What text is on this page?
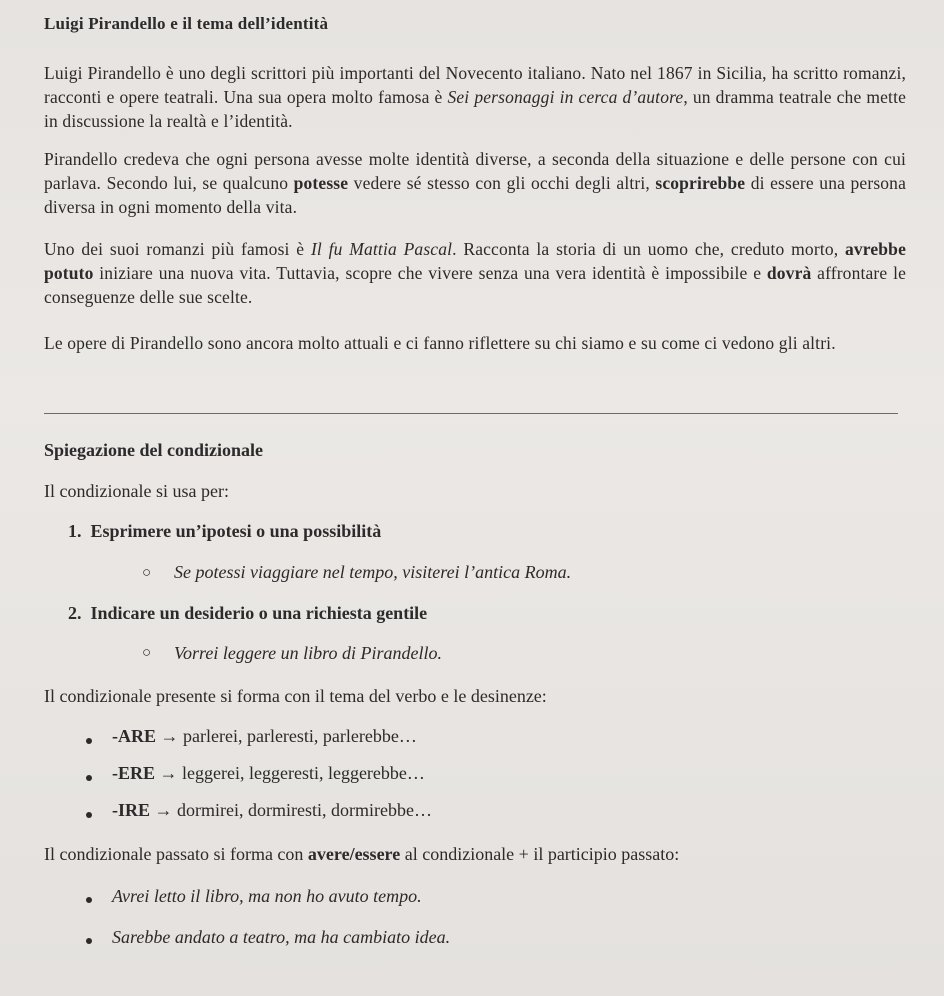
Luigi Pirandello e il tema dell’identità
Luigi Pirandello è uno degli scrittori più importanti del Novecento italiano. Nato nel 1867 in Sicilia, ha scritto romanzi, racconti e opere teatrali. Una sua opera molto famosa è Sei personaggi in cerca d’autore, un dramma teatrale che mette in discussione la realtà e l’identità.
Pirandello credeva che ogni persona avesse molte identità diverse, a seconda della situazione e delle persone con cui parlava. Secondo lui, se qualcuno potesse vedere sé stesso con gli occhi degli altri, scoprirebbe di essere una persona diversa in ogni momento della vita.
Uno dei suoi romanzi più famosi è Il fu Mattia Pascal. Racconta la storia di un uomo che, creduto morto, avrebbe potuto iniziare una nuova vita. Tuttavia, scopre che vivere senza una vera identità è impossibile e dovrà affrontare le conseguenze delle sue scelte.
Le opere di Pirandello sono ancora molto attuali e ci fanno riflettere su chi siamo e su come ci vedono gli altri.
Spiegazione del condizionale
Il condizionale si usa per:
1. Esprimere un’ipotesi o una possibilità
○ Se potessi viaggiare nel tempo, visiterei l’antica Roma.
2. Indicare un desiderio o una richiesta gentile
○ Vorrei leggere un libro di Pirandello.
Il condizionale presente si forma con il tema del verbo e le desinenze:
-ARE → parlerei, parleresti, parlerebbe…
-ERE → leggerei, leggeresti, leggerebbe…
-IRE → dormirei, dormiresti, dormirebbe…
Il condizionale passato si forma con avere/essere al condizionale + il participio passato:
Avrei letto il libro, ma non ho avuto tempo.
Sarebbe andato a teatro, ma ha cambiato idea.
